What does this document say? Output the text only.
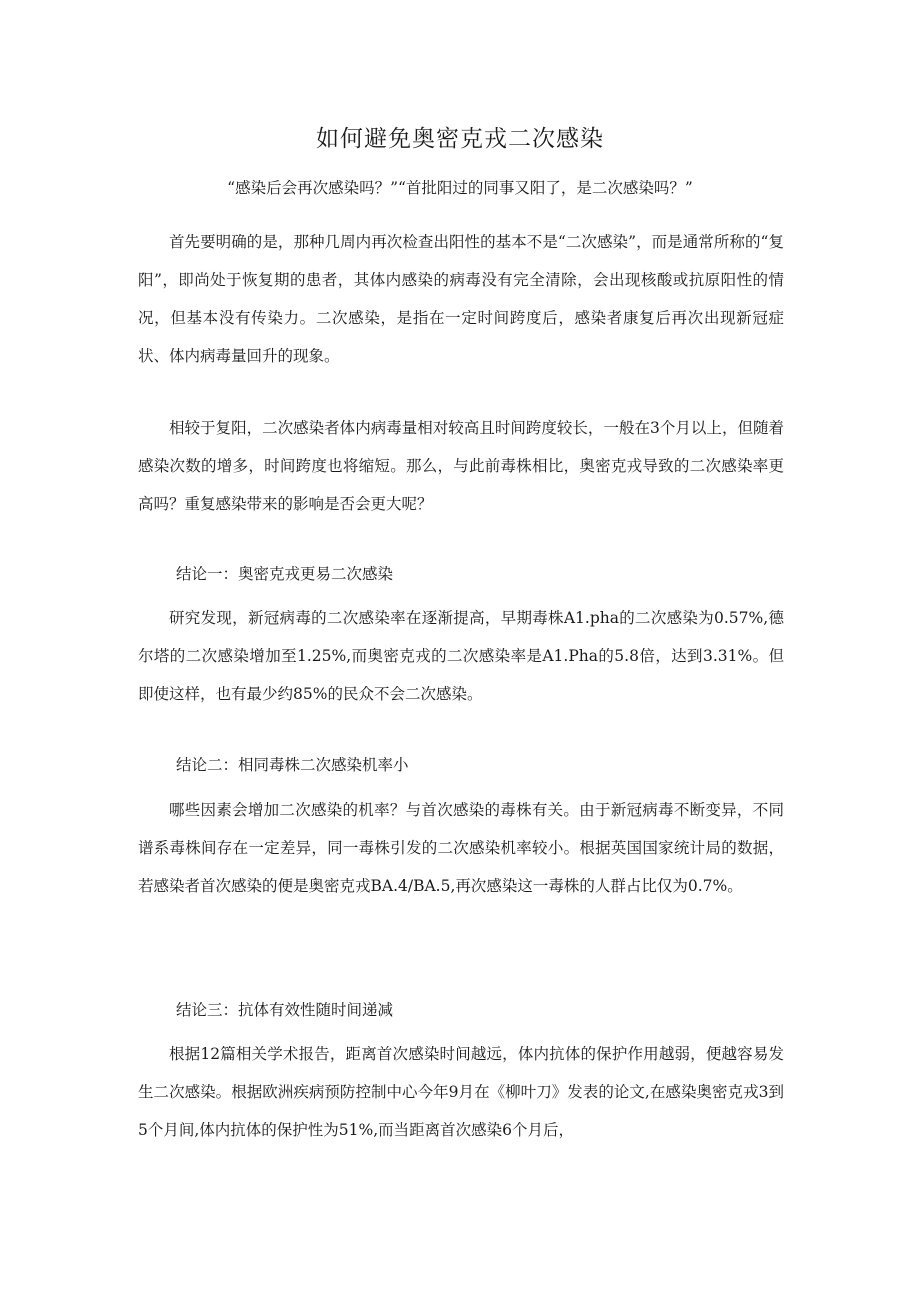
如何避免奥密克戎二次感染
“感染后会再次感染吗？”“首批阳过的同事又阳了，是二次感染吗？”

首先要明确的是，那种几周内再次检查出阳性的基本不是“二次感染”，而是通常所称的“复阳”，即尚处于恢复期的患者，其体内感染的病毒没有完全清除，会出现核酸或抗原阳性的情况，但基本没有传染力。二次感染，是指在一定时间跨度后，感染者康复后再次出现新冠症状、体内病毒量回升的现象。

相较于复阳，二次感染者体内病毒量相对较高且时间跨度较长，一般在3个月以上，但随着感染次数的增多，时间跨度也将缩短。那么，与此前毒株相比，奥密克戎导致的二次感染率更高吗？重复感染带来的影响是否会更大呢？

结论一：奥密克戎更易二次感染

研究发现，新冠病毒的二次感染率在逐渐提高，早期毒株A1.pha的二次感染为0.57%,德尔塔的二次感染增加至1.25%,而奥密克戎的二次感染率是A1.Pha的5.8倍，达到3.31%。但即使这样，也有最少约85%的民众不会二次感染。

结论二：相同毒株二次感染机率小

哪些因素会增加二次感染的机率？与首次感染的毒株有关。由于新冠病毒不断变异，不同谱系毒株间存在一定差异，同一毒株引发的二次感染机率较小。根据英国国家统计局的数据，若感染者首次感染的便是奥密克戎BA.4/BA.5,再次感染这一毒株的人群占比仅为0.7%。

结论三：抗体有效性随时间递减

根据12篇相关学术报告，距离首次感染时间越远，体内抗体的保护作用越弱，便越容易发生二次感染。根据欧洲疾病预防控制中心今年9月在《柳叶刀》发表的论文,在感染奥密克戎3到5个月间,体内抗体的保护性为51%,而当距离首次感染6个月后，
